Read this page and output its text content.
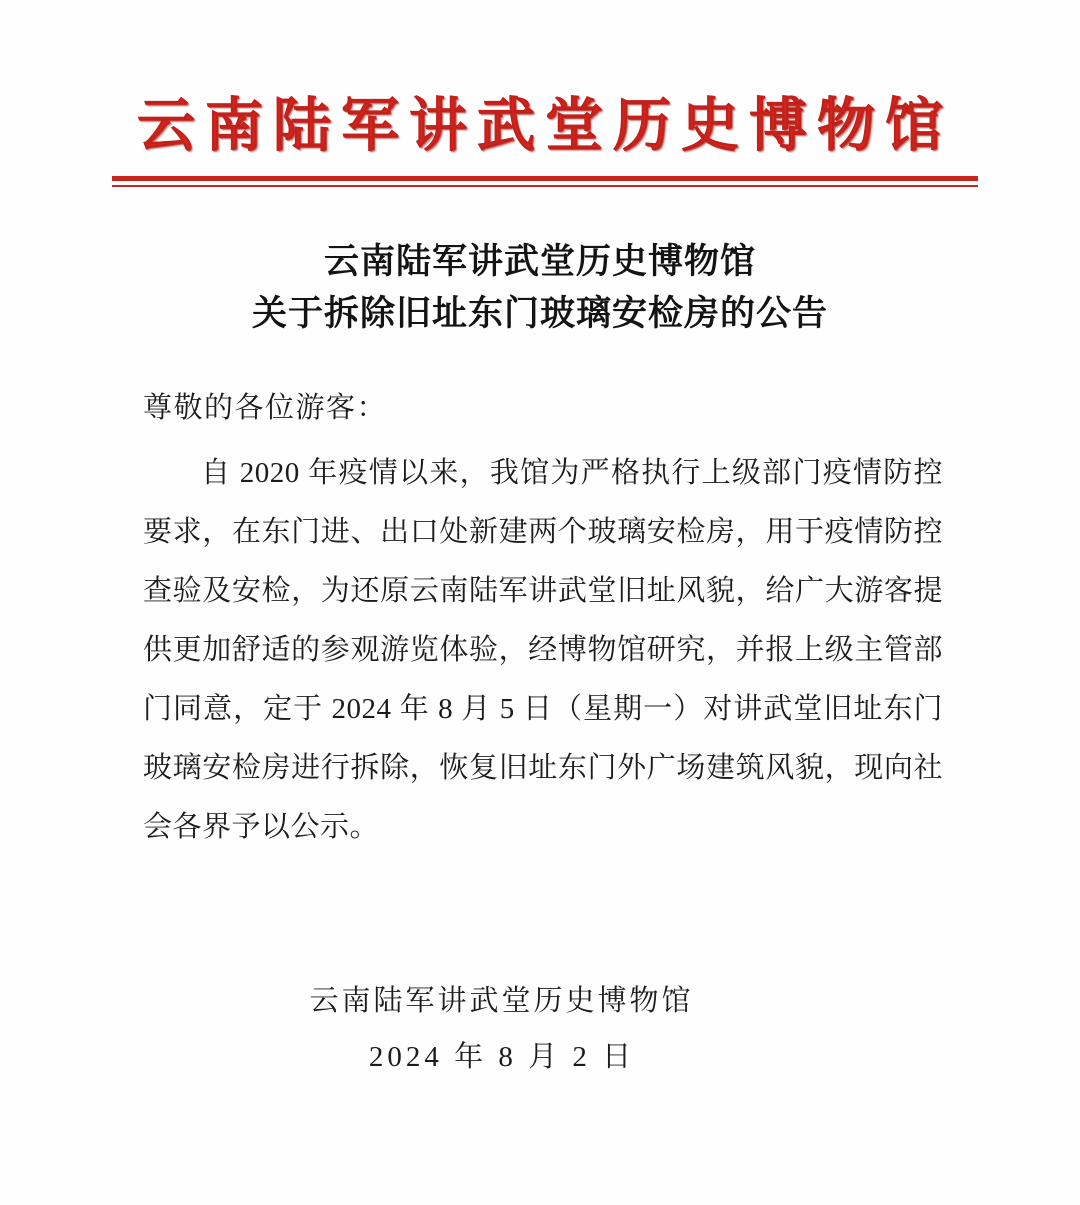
云南陆军讲武堂历史博物馆
云南陆军讲武堂历史博物馆
关于拆除旧址东门玻璃安检房的公告
尊敬的各位游客：

自 2020 年疫情以来，我馆为严格执行上级部门疫情防控要求，在东门进、出口处新建两个玻璃安检房，用于疫情防控查验及安检，为还原云南陆军讲武堂旧址风貌，给广大游客提供更加舒适的参观游览体验，经博物馆研究，并报上级主管部门同意，定于 2024 年 8 月 5 日（星期一）对讲武堂旧址东门玻璃安检房进行拆除，恢复旧址东门外广场建筑风貌，现向社会各界予以公示。

云南陆军讲武堂历史博物馆
2024 年 8 月 2 日
